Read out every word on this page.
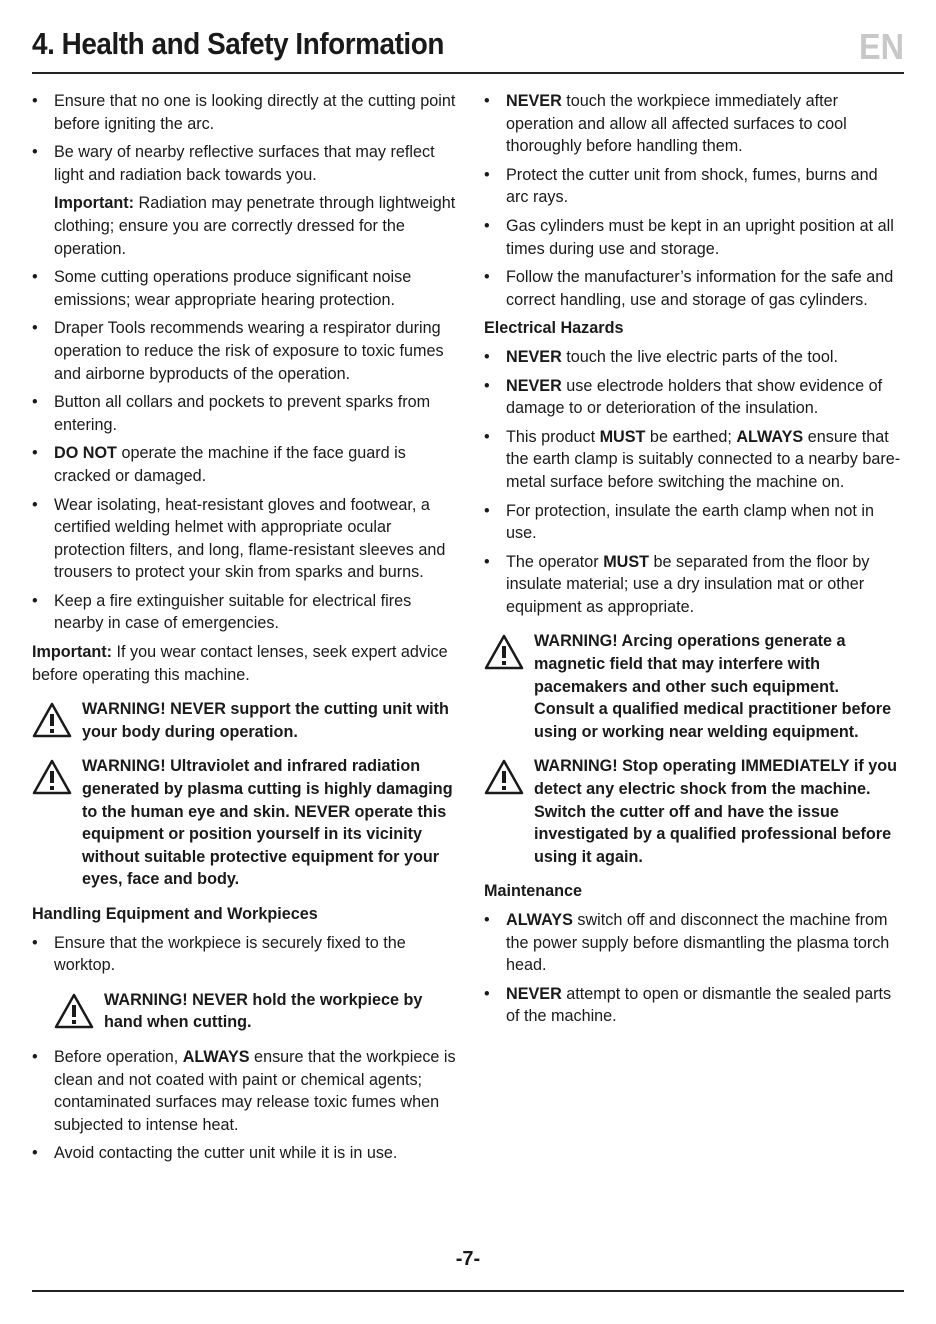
4. Health and Safety Information	EN
• Ensure that no one is looking directly at the cutting point before igniting the arc.
• Be wary of nearby reflective surfaces that may reflect light and radiation back towards you.
Important: Radiation may penetrate through lightweight clothing; ensure you are correctly dressed for the operation.
• Some cutting operations produce significant noise emissions; wear appropriate hearing protection.
• Draper Tools recommends wearing a respirator during operation to reduce the risk of exposure to toxic fumes and airborne byproducts of the operation.
• Button all collars and pockets to prevent sparks from entering.
• DO NOT operate the machine if the face guard is cracked or damaged.
• Wear isolating, heat-resistant gloves and footwear, a certified welding helmet with appropriate ocular protection filters, and long, flame-resistant sleeves and trousers to protect your skin from sparks and burns.
• Keep a fire extinguisher suitable for electrical fires nearby in case of emergencies.

Important: If you wear contact lenses, seek expert advice before operating this machine.

WARNING! NEVER support the cutting unit with your body during operation.
WARNING! Ultraviolet and infrared radiation generated by plasma cutting is highly damaging to the human eye and skin. NEVER operate this equipment or position yourself in its vicinity without suitable protective equipment for your eyes, face and body.
Handling Equipment and Workpieces
• Ensure that the workpiece is securely fixed to the worktop.
WARNING! NEVER hold the workpiece by hand when cutting.
• Before operation, ALWAYS ensure that the workpiece is clean and not coated with paint or chemical agents; contaminated surfaces may release toxic fumes when subjected to intense heat.
• Avoid contacting the cutter unit while it is in use.
• NEVER touch the workpiece immediately after operation and allow all affected surfaces to cool thoroughly before handling them.
• Protect the cutter unit from shock, fumes, burns and arc rays.
• Gas cylinders must be kept in an upright position at all times during use and storage.
• Follow the manufacturer’s information for the safe and correct handling, use and storage of gas cylinders.
Electrical Hazards
• NEVER touch the live electric parts of the tool.
• NEVER use electrode holders that show evidence of damage to or deterioration of the insulation.
• This product MUST be earthed; ALWAYS ensure that the earth clamp is suitably connected to a nearby bare-metal surface before switching the machine on.
• For protection, insulate the earth clamp when not in use.
• The operator MUST be separated from the floor by insulate material; use a dry insulation mat or other equipment as appropriate.
WARNING! Arcing operations generate a magnetic field that may interfere with pacemakers and other such equipment. Consult a qualified medical practitioner before using or working near welding equipment.
WARNING! Stop operating IMMEDIATELY if you detect any electric shock from the machine. Switch the cutter off and have the issue investigated by a qualified professional before using it again.
Maintenance
• ALWAYS switch off and disconnect the machine from the power supply before dismantling the plasma torch head.
• NEVER attempt to open or dismantle the sealed parts of the machine.
-7-
